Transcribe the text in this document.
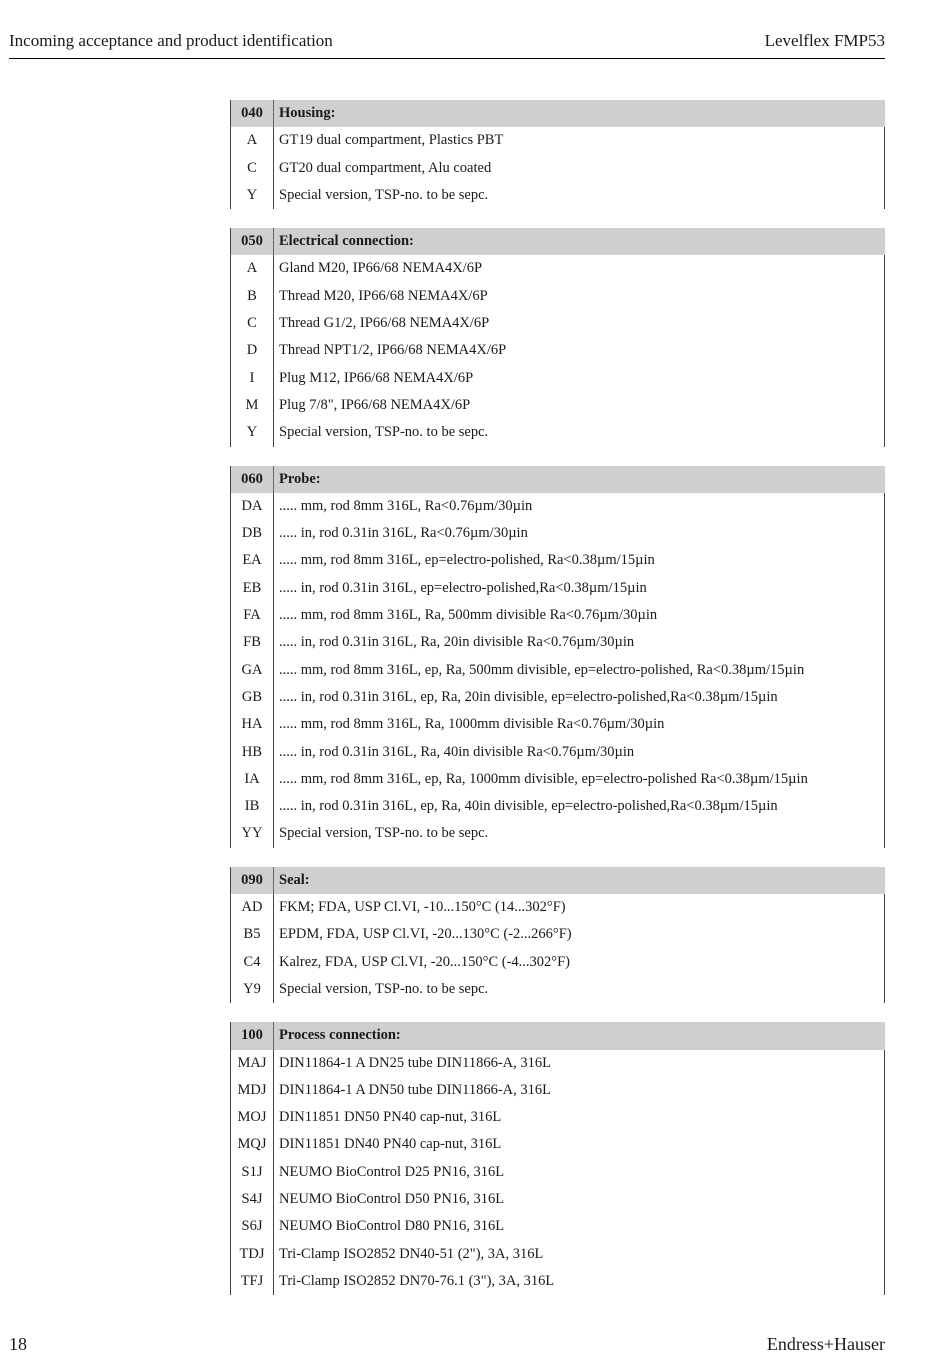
Incoming acceptance and product identification	Levelflex FMP53
040	Housing:
A	GT19 dual compartment, Plastics PBT
C	GT20 dual compartment, Alu coated
Y	Special version, TSP-no. to be sepc.
050	Electrical connection:
A	Gland M20, IP66/68 NEMA4X/6P
B	Thread M20, IP66/68 NEMA4X/6P
C	Thread G1/2, IP66/68 NEMA4X/6P
D	Thread NPT1/2, IP66/68 NEMA4X/6P
I	Plug M12, IP66/68 NEMA4X/6P
M	Plug 7/8", IP66/68 NEMA4X/6P
Y	Special version, TSP-no. to be sepc.
060	Probe:
DA	..... mm, rod 8mm 316L, Ra<0.76µm/30µin
DB	..... in, rod 0.31in 316L, Ra<0.76µm/30µin
EA	..... mm, rod 8mm 316L, ep=electro-polished, Ra<0.38µm/15µin
EB	..... in, rod 0.31in 316L, ep=electro-polished,Ra<0.38µm/15µin
FA	..... mm, rod 8mm 316L, Ra, 500mm divisible Ra<0.76µm/30µin
FB	..... in, rod 0.31in 316L, Ra, 20in divisible Ra<0.76µm/30µin
GA	..... mm, rod 8mm 316L, ep, Ra, 500mm divisible, ep=electro-polished, Ra<0.38µm/15µin
GB	..... in, rod 0.31in 316L, ep, Ra, 20in divisible, ep=electro-polished,Ra<0.38µm/15µin
HA	..... mm, rod 8mm 316L, Ra, 1000mm divisible Ra<0.76µm/30µin
HB	..... in, rod 0.31in 316L, Ra, 40in divisible Ra<0.76µm/30µin
IA	..... mm, rod 8mm 316L, ep, Ra, 1000mm divisible, ep=electro-polished Ra<0.38µm/15µin
IB	..... in, rod 0.31in 316L, ep, Ra, 40in divisible, ep=electro-polished,Ra<0.38µm/15µin
YY	Special version, TSP-no. to be sepc.
090	Seal:
AD	FKM; FDA, USP Cl.VI, -10...150°C (14...302°F)
B5	EPDM, FDA, USP Cl.VI, -20...130°C (-2...266°F)
C4	Kalrez, FDA, USP Cl.VI, -20...150°C (-4...302°F)
Y9	Special version, TSP-no. to be sepc.
100	Process connection:
MAJ DIN11864-1 A DN25 tube DIN11866-A, 316L
MDJ DIN11864-1 A DN50 tube DIN11866-A, 316L
MOJ DIN11851 DN50 PN40 cap-nut, 316L
MQJ DIN11851 DN40 PN40 cap-nut, 316L
S1J	NEUMO BioControl D25 PN16, 316L
S4J	NEUMO BioControl D50 PN16, 316L
S6J	NEUMO BioControl D80 PN16, 316L
TDJ	Tri-Clamp ISO2852 DN40-51 (2"), 3A, 316L
TFJ	Tri-Clamp ISO2852 DN70-76.1 (3"), 3A, 316L
18	Endress+Hauser
